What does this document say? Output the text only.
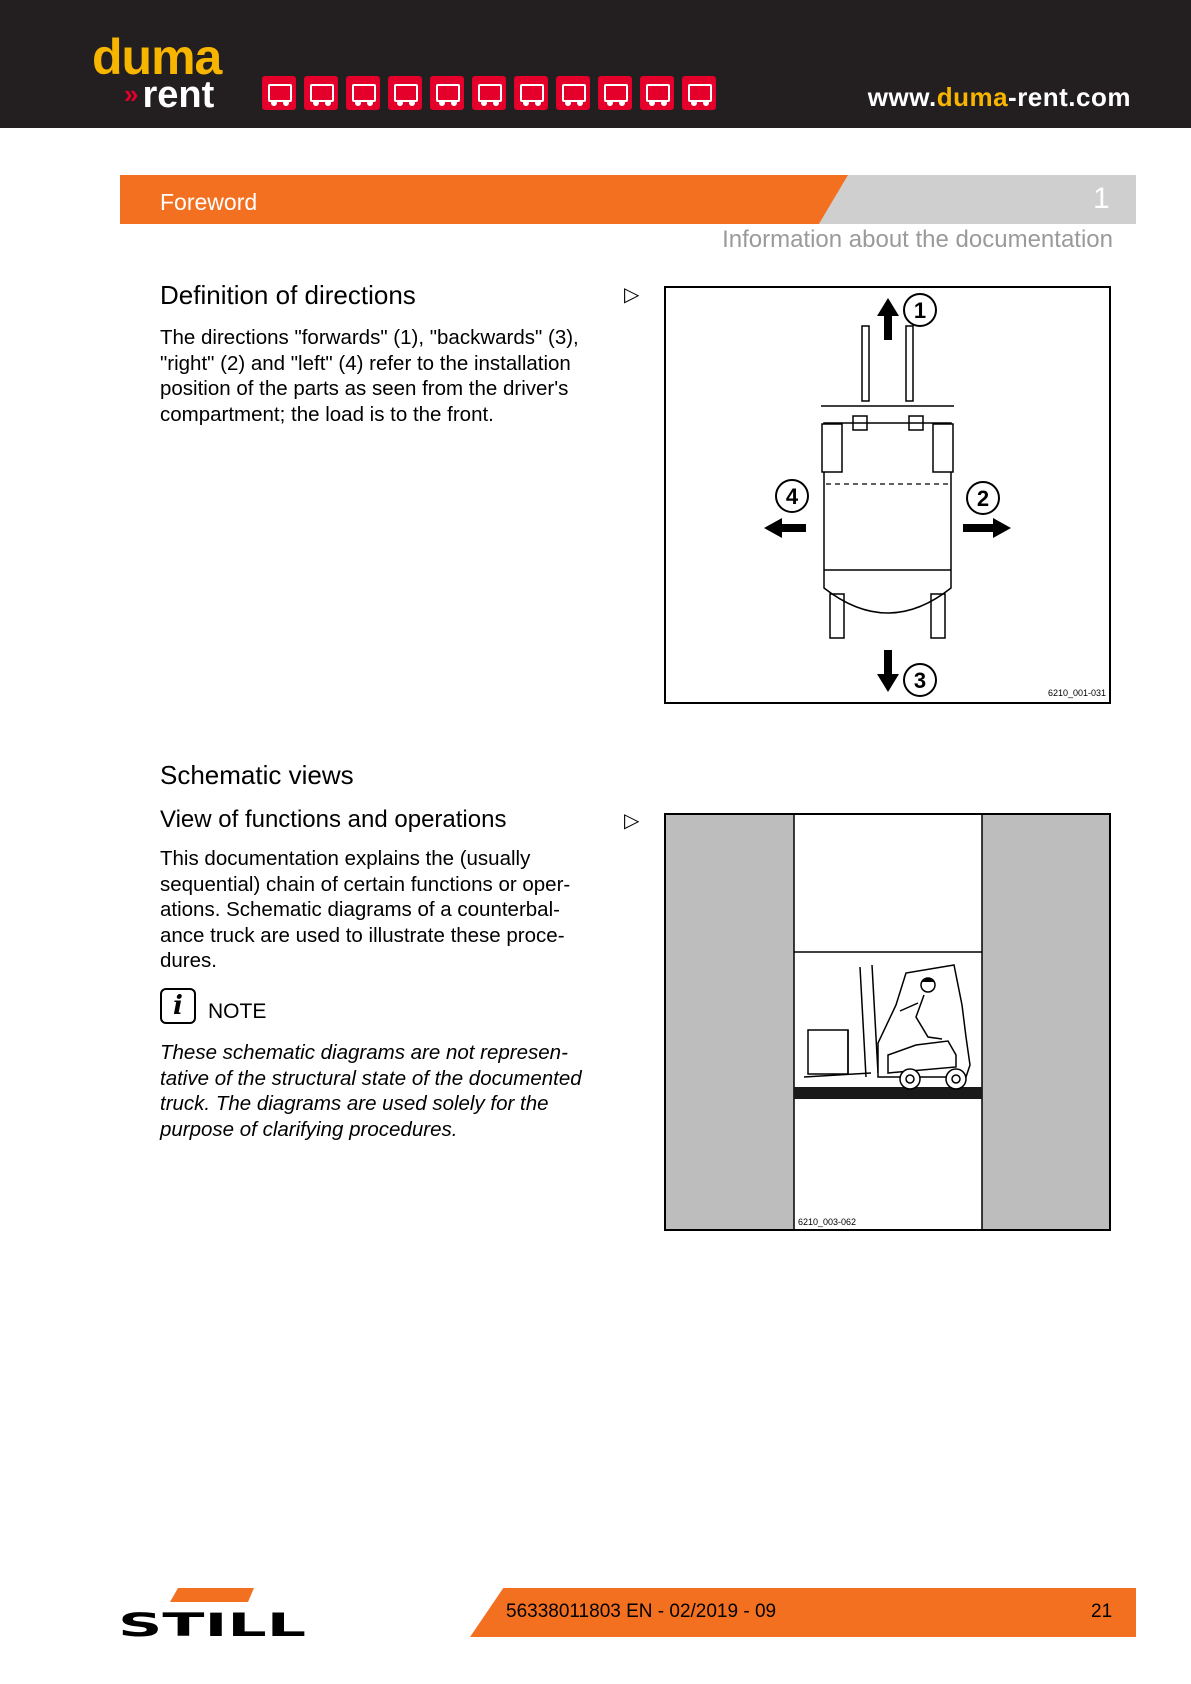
duma
» rent	www.duma-rent.com
Foreword	1
Information about the documentation
Definition of directions
The directions "forwards" (1), "backwards" (3),
"right" (2) and "left" (4) refer to the installation
position of the parts as seen from the driver's
compartment; the load is to the front.
▷
1
2
3
4
6210_001-031
Schematic views
View of functions and operations
This documentation explains the (usually
sequential) chain of certain functions or oper-
ations. Schematic diagrams of a counterbal-
ance truck are used to illustrate these proce-
dures.
▷
i	NOTE
These schematic diagrams are not represen-
tative of the structural state of the documented
truck. The diagrams are used solely for the
purpose of clarifying procedures.
6210_003-062
STILL	56338011803 EN - 02/2019 - 09	21
